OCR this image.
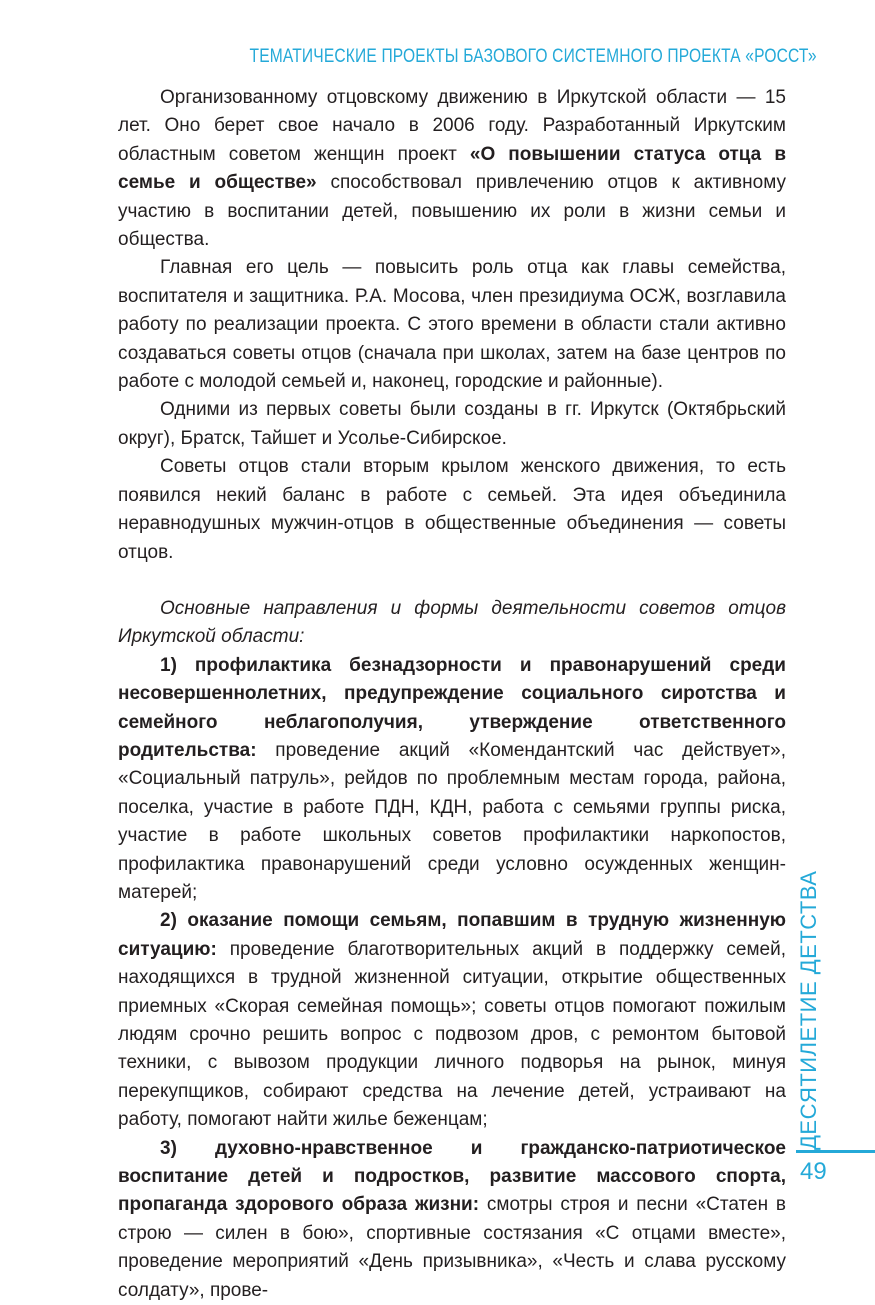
ТЕМАТИЧЕСКИЕ ПРОЕКТЫ БАЗОВОГО СИСТЕМНОГО ПРОЕКТА «РОССТ»

Организованному отцовскому движению в Иркутской области — 15 лет. Оно берет свое начало в 2006 году. Разработанный Иркутским областным советом женщин проект «О повышении статуса отца в семье и обществе» способствовал привлечению отцов к активному участию в воспитании детей, повышению их роли в жизни семьи и общества.

Главная его цель — повысить роль отца как главы семейства, воспитателя и защитника. Р.А. Мосова, член президиума ОСЖ, возглавила работу по реализации проекта. С этого времени в области стали активно создаваться советы отцов (сначала при школах, затем на базе центров по работе с молодой семьей и, наконец, городские и районные).

Одними из первых советы были созданы в гг. Иркутск (Октябрьский округ), Братск, Тайшет и Усолье-Сибирское.

Советы отцов стали вторым крылом женского движения, то есть появился некий баланс в работе с семьей. Эта идея объединила неравнодушных мужчин-отцов в общественные объединения — советы отцов.

Основные направления и формы деятельности советов отцов Иркутской области:

1) профилактика безнадзорности и правонарушений среди несовершеннолетних, предупреждение социального сиротства и семейного неблагополучия, утверждение ответственного родительства: проведение акций «Комендантский час действует», «Социальный патруль», рейдов по проблемным местам города, района, поселка, участие в работе ПДН, КДН, работа с семьями группы риска, участие в работе школьных советов профилактики наркопостов, профилактика правонарушений среди условно осужденных женщин-матерей;

2) оказание помощи семьям, попавшим в трудную жизненную ситуацию: проведение благотворительных акций в поддержку семей, находящихся в трудной жизненной ситуации, открытие общественных приемных «Скорая семейная помощь»; советы отцов помогают пожилым людям срочно решить вопрос с подвозом дров, с ремонтом бытовой техники, с вывозом продукции личного подворья на рынок, минуя перекупщиков, собирают средства на лечение детей, устраивают на работу, помогают найти жилье беженцам;

3) духовно-нравственное и гражданско-патриотическое воспитание детей и подростков, развитие массового спорта, пропаганда здорового образа жизни: смотры строя и песни «Статен в строю — силен в бою», спортивные состязания «С отцами вместе», проведение мероприятий «День призывника», «Честь и слава русскому солдату», прове-

ДЕСЯТИЛЕТИЕ ДЕТСТВА
49
